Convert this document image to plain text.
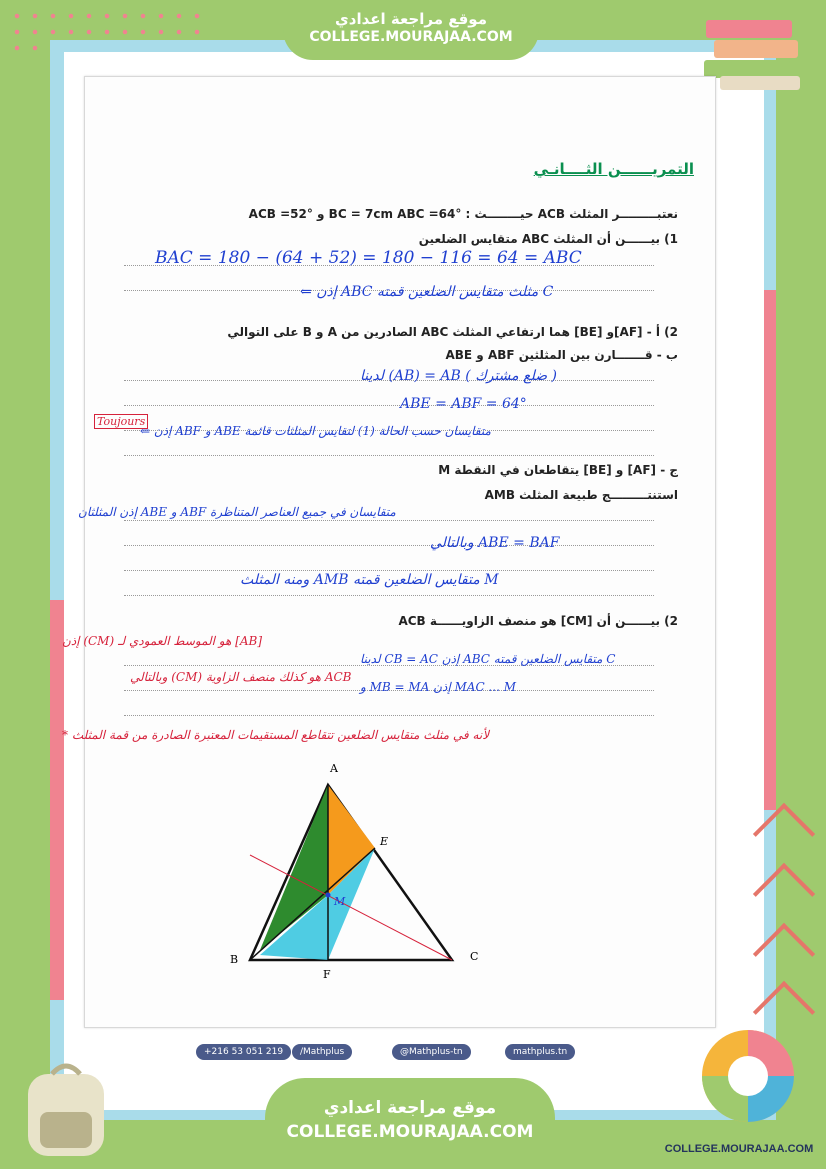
موقع مراجعة اعدادي
COLLEGE.MOURAJAA.COM
التمريــــــن الثــــانـي
نعتبـــــــــر المثلث ACB حيــــــــث : BC = 7cm ABC =64° و ACB =52°
1) بيــــــن أن المثلث ABC متقايس الضلعين
BAC = 180 − (64 + 52) = 180 − 116 = 64 = ABC
⇐ إذن ABC مثلث متقايس الضلعين قمته C
2) أ - [AF]و [BE] هما ارتفاعي المثلث ABC الصادرين من A و B على التوالي
ب - قـــــــارن بين المثلثين ABF و ABE
لدينا (AB) = AB ( ضلع مشترك )
ABE = ABF = 64°
⇐ إذن ABF و ABE متقايسان حسب الحالة (1) لتقايس المثلثات قائمة
Toujours
ج - [AF] و [BE] يتقاطعان في النقطة M
استنتـــــــــج طبيعة المثلث AMB
إذن المثلثان ABE و ABF متقايسان في جميع العناصر المتناظرة
وبالتالي ABE = BAF
ومنه المثلث AMB متقايس الضلعين قمته M
2) بيــــــن أن [CM] هو منصف الزاويــــــة ACB
لدينا CB = AC إذن ABC متقايس الضلعين قمته C
و MB = MA إذن MAC ... M
إذن (CM) هو الموسط العمودي لـ [AB]
وبالتالي (CM) هو كذلك منصف الزاوية ACB
* لأنه في مثلث متقايس الضلعين تتقاطع المستقيمات المعتبرة الصادرة من قمة المثلث
A
B	C
E
F
M
+216 53 051 219	/Mathplus	@Mathplus-tn	mathplus.tn
COLLEGE.MOURAJAA.COM
موقع مراجعة اعدادي
COLLEGE.MOURAJAA.COM
